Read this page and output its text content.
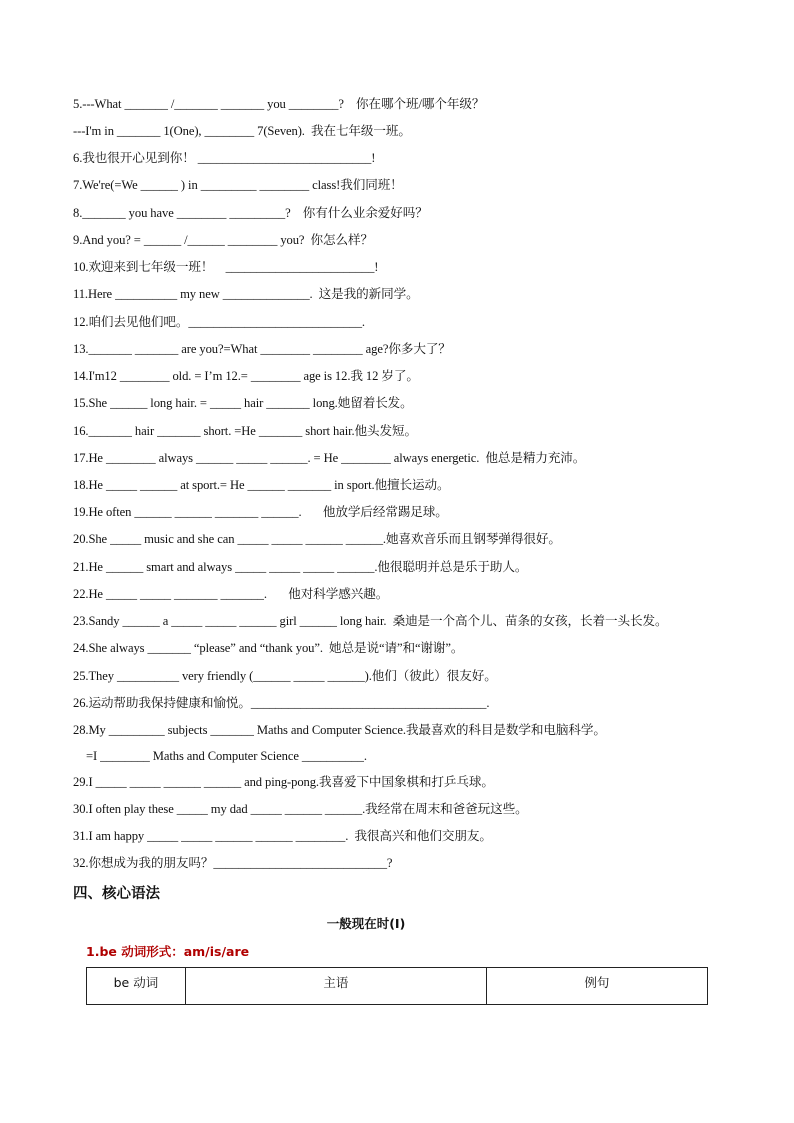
5.---What _______ /_______ _______ you ________?    你在哪个班/哪个年级？
---I'm in _______ 1(One), ________ 7(Seven).  我在七年级一班。
6.我也很开心见到你！ ____________________________!
7.We're(=We ______ ) in _________ ________ class!我们同班！
8._______ you have ________ _________?    你有什么业余爱好吗？
9.And you? = ______ /______ ________ you?  你怎么样？
10.欢迎来到七年级一班！    ________________________!
11.Here __________ my new ______________.  这是我的新同学。
12.咱们去见他们吧。____________________________.
13._______ _______ are you?=What ________ ________ age?你多大了？
14.I'm12 ________ old. = I’m 12.= ________ age is 12.我 12 岁了。
15.She ______ long hair. = _____ hair _______ long.她留着长发。
16._______ hair _______ short. =He _______ short hair.他头发短。
17.He ________ always ______ _____ ______. = He ________ always energetic.  他总是精力充沛。
18.He _____ ______ at sport.= He ______ _______ in sport.他擅长运动。
19.He often ______ ______ _______ ______.       他放学后经常踢足球。
20.She _____ music and she can _____ _____ ______ ______.她喜欢音乐而且钢琴弹得很好。
21.He ______ smart and always _____ _____ _____ ______.他很聪明并总是乐于助人。
22.He _____ _____ _______ _______.       他对科学感兴趣。
23.Sandy ______ a _____ _____ ______ girl ______ long hair.  桑迪是一个高个儿、苗条的女孩，长着一头长发。
24.She always _______ “please” and “thank you”.  她总是说“请”和“谢谢”。
25.They __________ very friendly (______ _____ ______).他们（彼此）很友好。
26.运动帮助我保持健康和愉悦。______________________________________.
28.My _________ subjects _______ Maths and Computer Science.我最喜欢的科目是数学和电脑科学。
=I ________ Maths and Computer Science __________.
29.I _____ _____ ______ ______ and ping-pong.我喜爱下中国象棋和打乒乓球。
30.I often play these _____ my dad _____ ______ ______.我经常在周末和爸爸玩这些。
31.I am happy _____ _____ ______ ______ ________.  我很高兴和他们交朋友。
32.你想成为我的朋友吗？____________________________?
四、核心语法
一般现在时(I)
1.be 动词形式：am/is/are
be 动词	主语	例句
